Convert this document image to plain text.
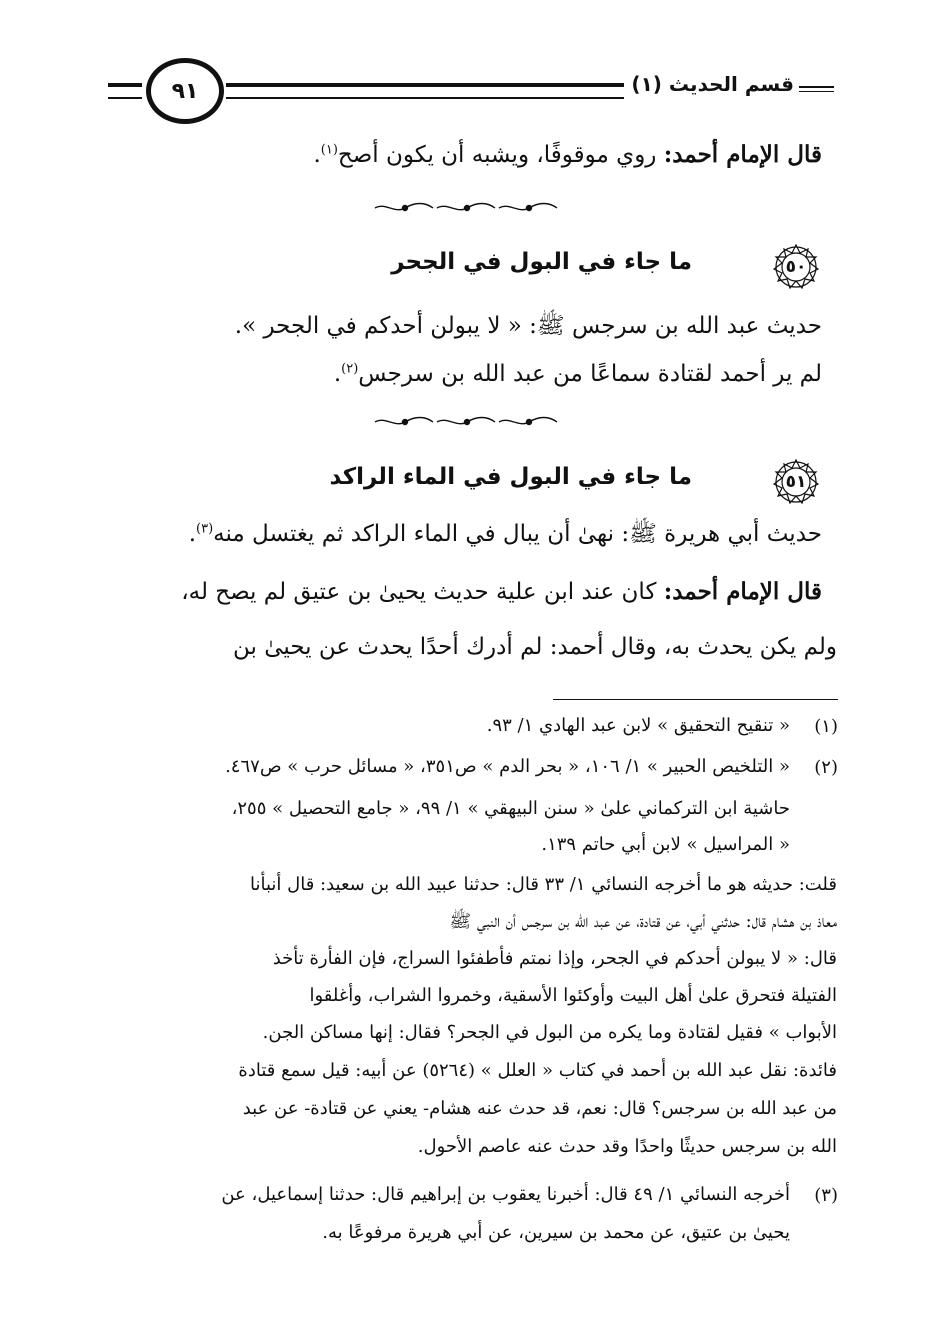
قسم الحديث (١)
٩١
قال الإمام أحمد: روي موقوفًا، ويشبه أن يكون أصح$^{(١)}$.
٥٠
ما جاء في البول في الجحر
حديث عبد الله بن سرجس ﷺ: « لا يبولن أحدكم في الجحر ».
لم ير أحمد لقتادة سماعًا من عبد الله بن سرجس$^{(٢)}$.
٥١
ما جاء في البول في الماء الراكد
حديث أبي هريرة ﷺ: نهىٰ أن يبال في الماء الراكد ثم يغتسل منه$^{(٣)}$.
قال الإمام أحمد: كان عند ابن علية حديث يحيىٰ بن عتيق لم يصح له،
ولم يكن يحدث به، وقال أحمد: لم أدرك أحدًا يحدث عن يحيىٰ بن
(١)
« تنقيح التحقيق » لابن عبد الهادي ١/ ٩٣.
(٢)
« التلخيص الحبير » ١/ ١٠٦، « بحر الدم » ص٣٥١، « مسائل حرب » ص٤٦٧.
حاشية ابن التركماني علىٰ « سنن البيهقي » ١/ ٩٩، « جامع التحصيل » ٢٥٥،
« المراسيل » لابن أبي حاتم ١٣٩.
قلت: حديثه هو ما أخرجه النسائي ١/ ٣٣ قال: حدثنا عبيد الله بن سعيد: قال أنبأنا
معاذ بن هشام قال: حدثني أبي، عن قتادة، عن عبد الله بن سرجس أن النبي ﷺ
قال: « لا يبولن أحدكم في الجحر، وإذا نمتم فأطفئوا السراج، فإن الفأرة تأخذ
الفتيلة فتحرق علىٰ أهل البيت وأوكئوا الأسقية، وخمروا الشراب، وأغلقوا
الأبواب » فقيل لقتادة وما يكره من البول في الجحر؟ فقال: إنها مساكن الجن.
فائدة: نقل عبد الله بن أحمد في كتاب « العلل » (٥٢٦٤) عن أبيه: قيل سمع قتادة
من عبد الله بن سرجس؟ قال: نعم، قد حدث عنه هشام- يعني عن قتادة- عن عبد
الله بن سرجس حديثًا واحدًا وقد حدث عنه عاصم الأحول.
(٣)
أخرجه النسائي ١/ ٤٩ قال: أخبرنا يعقوب بن إبراهيم قال: حدثنا إسماعيل، عن
يحيىٰ بن عتيق، عن محمد بن سيرين، عن أبي هريرة مرفوعًا به.
